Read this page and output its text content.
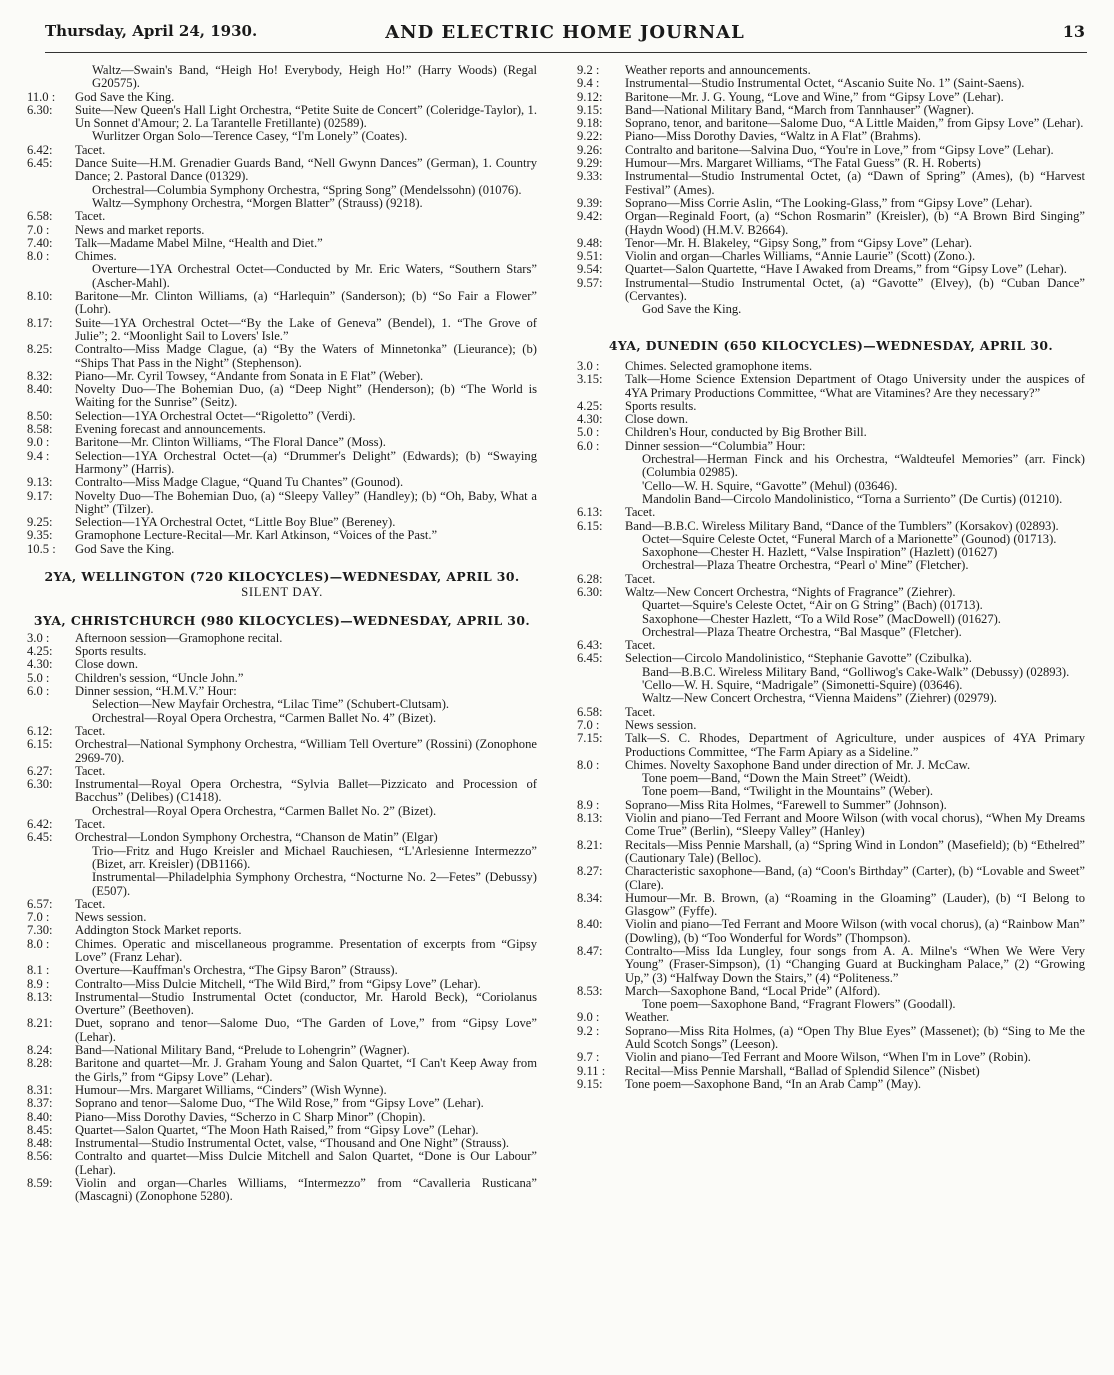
Thursday, April 24, 1930.	AND ELECTRIC HOME JOURNAL	13
Waltz—Swain's Band, “Heigh Ho! Everybody, Heigh Ho!” (Harry Woods) (Regal G20575).
11.0 :	God Save the King.
6.30:	Suite—New Queen's Hall Light Orchestra, “Petite Suite de Concert” (Coleridge-Taylor), 1. Un Sonnet d'Amour; 2. La Tarantelle Fretillante) (02589).
Wurlitzer Organ Solo—Terence Casey, “I'm Lonely” (Coates).
6.42:	Tacet.
6.45:	Dance Suite—H.M. Grenadier Guards Band, “Nell Gwynn Dances” (German), 1. Country Dance; 2. Pastoral Dance (01329).
Orchestral—Columbia Symphony Orchestra, “Spring Song” (Mendelssohn) (01076).
Waltz—Symphony Orchestra, “Morgen Blatter” (Strauss) (9218).
6.58:	Tacet.
7.0 :	News and market reports.
7.40:	Talk—Madame Mabel Milne, “Health and Diet.”
8.0 :	Chimes.
Overture—1YA Orchestral Octet—Conducted by Mr. Eric Waters, “Southern Stars” (Ascher-Mahl).
8.10:	Baritone—Mr. Clinton Williams, (a) “Harlequin” (Sanderson); (b) “So Fair a Flower” (Lohr).
8.17:	Suite—1YA Orchestral Octet—“By the Lake of Geneva” (Bendel), 1. “The Grove of Julie”; 2. “Moonlight Sail to Lovers' Isle.”
8.25:	Contralto—Miss Madge Clague, (a) “By the Waters of Minnetonka” (Lieurance); (b) “Ships That Pass in the Night” (Stephenson).
8.32:	Piano—Mr. Cyril Towsey, “Andante from Sonata in E Flat” (Weber).
8.40:	Novelty Duo—The Bohemian Duo, (a) “Deep Night” (Henderson); (b) “The World is Waiting for the Sunrise” (Seitz).
8.50:	Selection—1YA Orchestral Octet—“Rigoletto” (Verdi).
8.58:	Evening forecast and announcements.
9.0 :	Baritone—Mr. Clinton Williams, “The Floral Dance” (Moss).
9.4 :	Selection—1YA Orchestral Octet—(a) “Drummer's Delight” (Edwards); (b) “Swaying Harmony” (Harris).
9.13:	Contralto—Miss Madge Clague, “Quand Tu Chantes” (Gounod).
9.17:	Novelty Duo—The Bohemian Duo, (a) “Sleepy Valley” (Handley); (b) “Oh, Baby, What a Night” (Tilzer).
9.25:	Selection—1YA Orchestral Octet, “Little Boy Blue” (Bereney).
9.35:	Gramophone Lecture-Recital—Mr. Karl Atkinson, “Voices of the Past.”
10.5 :	God Save the King.
2YA, WELLINGTON (720 KILOCYCLES)—WEDNESDAY, APRIL 30.
SILENT DAY.
3YA, CHRISTCHURCH (980 KILOCYCLES)—WEDNESDAY, APRIL 30.
3.0 :	Afternoon session—Gramophone recital.
4.25:	Sports results.
4.30:	Close down.
5.0 :	Children's session, “Uncle John.”
6.0 :	Dinner session, “H.M.V.” Hour:
Selection—New Mayfair Orchestra, “Lilac Time” (Schubert-Clutsam).
Orchestral—Royal Opera Orchestra, “Carmen Ballet No. 4” (Bizet).
6.12:	Tacet.
6.15:	Orchestral—National Symphony Orchestra, “William Tell Overture” (Rossini) (Zonophone 2969-70).
6.27:	Tacet.
6.30:	Instrumental—Royal Opera Orchestra, “Sylvia Ballet—Pizzicato and Procession of Bacchus” (Delibes) (C1418).
Orchestral—Royal Opera Orchestra, “Carmen Ballet No. 2” (Bizet).
6.42:	Tacet.
6.45:	Orchestral—London Symphony Orchestra, “Chanson de Matin” (Elgar)
Trio—Fritz and Hugo Kreisler and Michael Rauchiesen, “L'Arlesienne Intermezzo” (Bizet, arr. Kreisler) (DB1166).
Instrumental—Philadelphia Symphony Orchestra, “Nocturne No. 2—Fetes” (Debussy) (E507).
6.57:	Tacet.
7.0 :	News session.
7.30:	Addington Stock Market reports.
8.0 :	Chimes. Operatic and miscellaneous programme. Presentation of excerpts from “Gipsy Love” (Franz Lehar).
8.1 :	Overture—Kauffman's Orchestra, “The Gipsy Baron” (Strauss).
8.9 :	Contralto—Miss Dulcie Mitchell, “The Wild Bird,” from “Gipsy Love” (Lehar).
8.13:	Instrumental—Studio Instrumental Octet (conductor, Mr. Harold Beck), “Coriolanus Overture” (Beethoven).
8.21:	Duet, soprano and tenor—Salome Duo, “The Garden of Love,” from “Gipsy Love” (Lehar).
8.24:	Band—National Military Band, “Prelude to Lohengrin” (Wagner).
8.28:	Baritone and quartet—Mr. J. Graham Young and Salon Quartet, “I Can't Keep Away from the Girls,” from “Gipsy Love” (Lehar).
8.31:	Humour—Mrs. Margaret Williams, “Cinders” (Wish Wynne).
8.37:	Soprano and tenor—Salome Duo, “The Wild Rose,” from “Gipsy Love” (Lehar).
8.40:	Piano—Miss Dorothy Davies, “Scherzo in C Sharp Minor” (Chopin).
8.45:	Quartet—Salon Quartet, “The Moon Hath Raised,” from “Gipsy Love” (Lehar).
8.48:	Instrumental—Studio Instrumental Octet, valse, “Thousand and One Night” (Strauss).
8.56:	Contralto and quartet—Miss Dulcie Mitchell and Salon Quartet, “Done is Our Labour” (Lehar).
8.59:	Violin and organ—Charles Williams, “Intermezzo” from “Cavalleria Rusticana” (Mascagni) (Zonophone 5280).
9.2 :	Weather reports and announcements.
9.4 :	Instrumental—Studio Instrumental Octet, “Ascanio Suite No. 1” (Saint-Saens).
9.12:	Baritone—Mr. J. G. Young, “Love and Wine,” from “Gipsy Love” (Lehar).
9.15:	Band—National Military Band, “March from Tannhauser” (Wagner).
9.18:	Soprano, tenor, and baritone—Salome Duo, “A Little Maiden,” from Gipsy Love” (Lehar).
9.22:	Piano—Miss Dorothy Davies, “Waltz in A Flat” (Brahms).
9.26:	Contralto and baritone—Salvina Duo, “You're in Love,” from “Gipsy Love” (Lehar).
9.29:	Humour—Mrs. Margaret Williams, “The Fatal Guess” (R. H. Roberts)
9.33:	Instrumental—Studio Instrumental Octet, (a) “Dawn of Spring” (Ames), (b) “Harvest Festival” (Ames).
9.39:	Soprano—Miss Corrie Aslin, “The Looking-Glass,” from “Gipsy Love” (Lehar).
9.42:	Organ—Reginald Foort, (a) “Schon Rosmarin” (Kreisler), (b) “A Brown Bird Singing” (Haydn Wood) (H.M.V. B2664).
9.48:	Tenor—Mr. H. Blakeley, “Gipsy Song,” from “Gipsy Love” (Lehar).
9.51:	Violin and organ—Charles Williams, “Annie Laurie” (Scott) (Zono.).
9.54:	Quartet—Salon Quartette, “Have I Awaked from Dreams,” from “Gipsy Love” (Lehar).
9.57:	Instrumental—Studio Instrumental Octet, (a) “Gavotte” (Elvey), (b) “Cuban Dance” (Cervantes).
God Save the King.
4YA, DUNEDIN (650 KILOCYCLES)—WEDNESDAY, APRIL 30.
3.0 :	Chimes. Selected gramophone items.
3.15:	Talk—Home Science Extension Department of Otago University under the auspices of 4YA Primary Productions Committee, “What are Vitamines? Are they necessary?”
4.25:	Sports results.
4.30:	Close down.
5.0 :	Children's Hour, conducted by Big Brother Bill.
6.0 :	Dinner session—“Columbia” Hour:
Orchestral—Herman Finck and his Orchestra, “Waldteufel Memories” (arr. Finck) (Columbia 02985).
'Cello—W. H. Squire, “Gavotte” (Mehul) (03646).
Mandolin Band—Circolo Mandolinistico, “Torna a Surriento” (De Curtis) (01210).
6.13:	Tacet.
6.15:	Band—B.B.C. Wireless Military Band, “Dance of the Tumblers” (Korsakov) (02893).
Octet—Squire Celeste Octet, “Funeral March of a Marionette” (Gounod) (01713).
Saxophone—Chester H. Hazlett, “Valse Inspiration” (Hazlett) (01627)
Orchestral—Plaza Theatre Orchestra, “Pearl o' Mine” (Fletcher).
6.28:	Tacet.
6.30:	Waltz—New Concert Orchestra, “Nights of Fragrance” (Ziehrer).
Quartet—Squire's Celeste Octet, “Air on G String” (Bach) (01713).
Saxophone—Chester Hazlett, “To a Wild Rose” (MacDowell) (01627).
Orchestral—Plaza Theatre Orchestra, “Bal Masque” (Fletcher).
6.43:	Tacet.
6.45:	Selection—Circolo Mandolinistico, “Stephanie Gavotte” (Czibulka).
Band—B.B.C. Wireless Military Band, “Golliwog's Cake-Walk” (Debussy) (02893).
'Cello—W. H. Squire, “Madrigale” (Simonetti-Squire) (03646).
Waltz—New Concert Orchestra, “Vienna Maidens” (Ziehrer) (02979).
6.58:	Tacet.
7.0 :	News session.
7.15:	Talk—S. C. Rhodes, Department of Agriculture, under auspices of 4YA Primary Productions Committee, “The Farm Apiary as a Sideline.”
8.0 :	Chimes. Novelty Saxophone Band under direction of Mr. J. McCaw.
Tone poem—Band, “Down the Main Street” (Weidt).
Tone poem—Band, “Twilight in the Mountains” (Weber).
8.9 :	Soprano—Miss Rita Holmes, “Farewell to Summer” (Johnson).
8.13:	Violin and piano—Ted Ferrant and Moore Wilson (with vocal chorus), “When My Dreams Come True” (Berlin), “Sleepy Valley” (Hanley)
8.21:	Recitals—Miss Pennie Marshall, (a) “Spring Wind in London” (Masefield); (b) “Ethelred” (Cautionary Tale) (Belloc).
8.27:	Characteristic saxophone—Band, (a) “Coon's Birthday” (Carter), (b) “Lovable and Sweet” (Clare).
8.34:	Humour—Mr. B. Brown, (a) “Roaming in the Gloaming” (Lauder), (b) “I Belong to Glasgow” (Fyffe).
8.40:	Violin and piano—Ted Ferrant and Moore Wilson (with vocal chorus), (a) “Rainbow Man” (Dowling), (b) “Too Wonderful for Words” (Thompson).
8.47:	Contralto—Miss Ida Lungley, four songs from A. A. Milne's “When We Were Very Young” (Fraser-Simpson), (1) “Changing Guard at Buckingham Palace,” (2) “Growing Up,” (3) “Halfway Down the Stairs,” (4) “Politeness.”
8.53:	March—Saxophone Band, “Local Pride” (Alford).
Tone poem—Saxophone Band, “Fragrant Flowers” (Goodall).
9.0 :	Weather.
9.2 :	Soprano—Miss Rita Holmes, (a) “Open Thy Blue Eyes” (Massenet); (b) “Sing to Me the Auld Scotch Songs” (Leeson).
9.7 :	Violin and piano—Ted Ferrant and Moore Wilson, “When I'm in Love” (Robin).
9.11 :	Recital—Miss Pennie Marshall, “Ballad of Splendid Silence” (Nisbet)
9.15:	Tone poem—Saxophone Band, “In an Arab Camp” (May).
